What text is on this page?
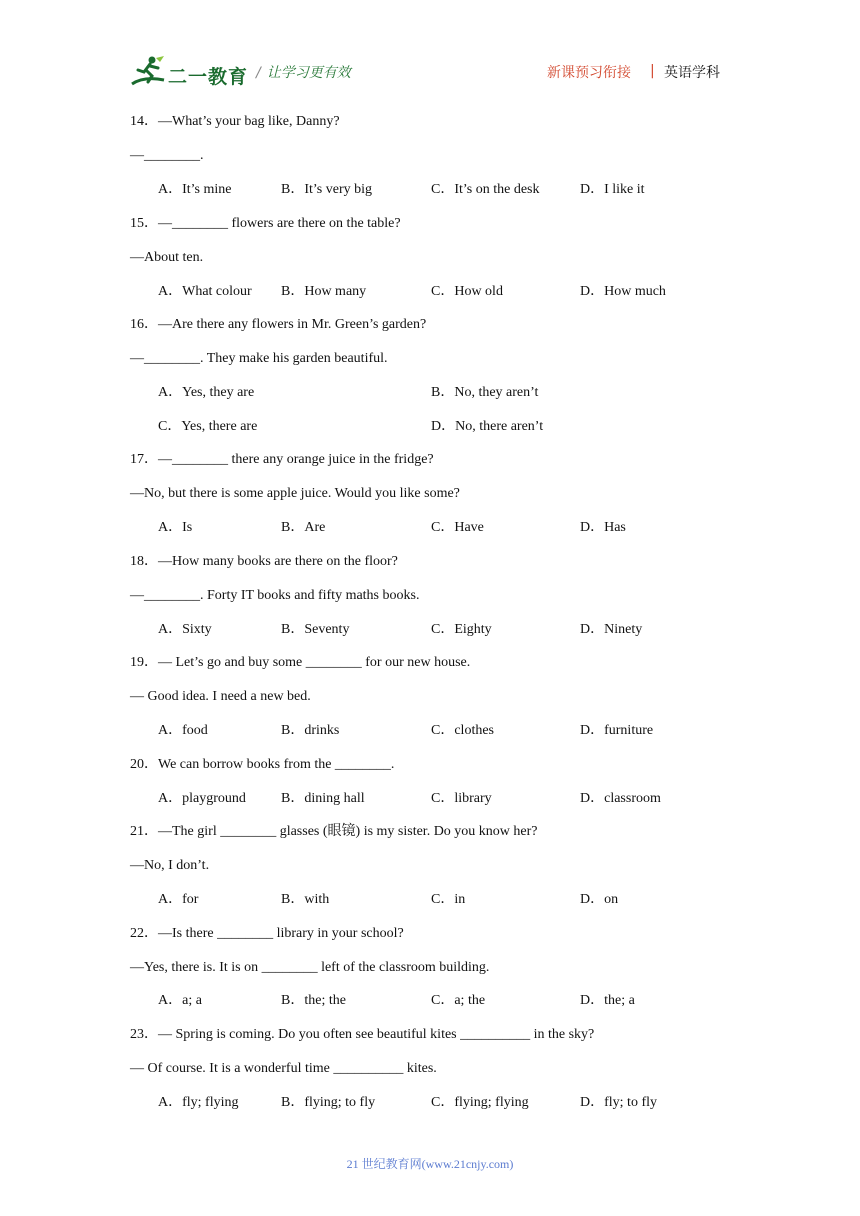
二一教育 / 让学习更有效	新课预习衔接 | 英语学科
14．—What’s your bag like, Danny?
—________.
A．It’s mine	B．It’s very big	C．It’s on the desk	D．I like it
15．—________ flowers are there on the table?
—About ten.
A．What colour B．How many	C．How old	D．How much
16．—Are there any flowers in Mr. Green’s garden?
—________. They make his garden beautiful.
A．Yes, they are	B．No, they aren’t
C．Yes, there are	D．No, there aren’t
17．—________ there any orange juice in the fridge?
—No, but there is some apple juice. Would you like some?
A．Is	B．Are	C．Have	D．Has
18．—How many books are there on the floor?
—________. Forty IT books and fifty maths books.
A．Sixty	B．Seventy	C．Eighty	D．Ninety
19．— Let’s go and buy some ________ for our new house.
— Good idea. I need a new bed.
A．food	B．drinks	C．clothes	D．furniture
20．We can borrow books from the ________.
A．playground	B．dining hall	C．library	D．classroom
21．—The girl ________ glasses (眼镜) is my sister. Do you know her?
—No, I don’t.
A．for	B．with	C．in	D．on
22．—Is there ________ library in your school?
—Yes, there is. It is on ________ left of the classroom building.
A．a; a	B．the; the	C．a; the	D．the; a
23．— Spring is coming. Do you often see beautiful kites __________ in the sky?
— Of course. It is a wonderful time __________ kites.
A．fly; flying	B．flying; to fly	C．flying; flying	D．fly; to fly
21 世纪教育网(www.21cnjy.com)
